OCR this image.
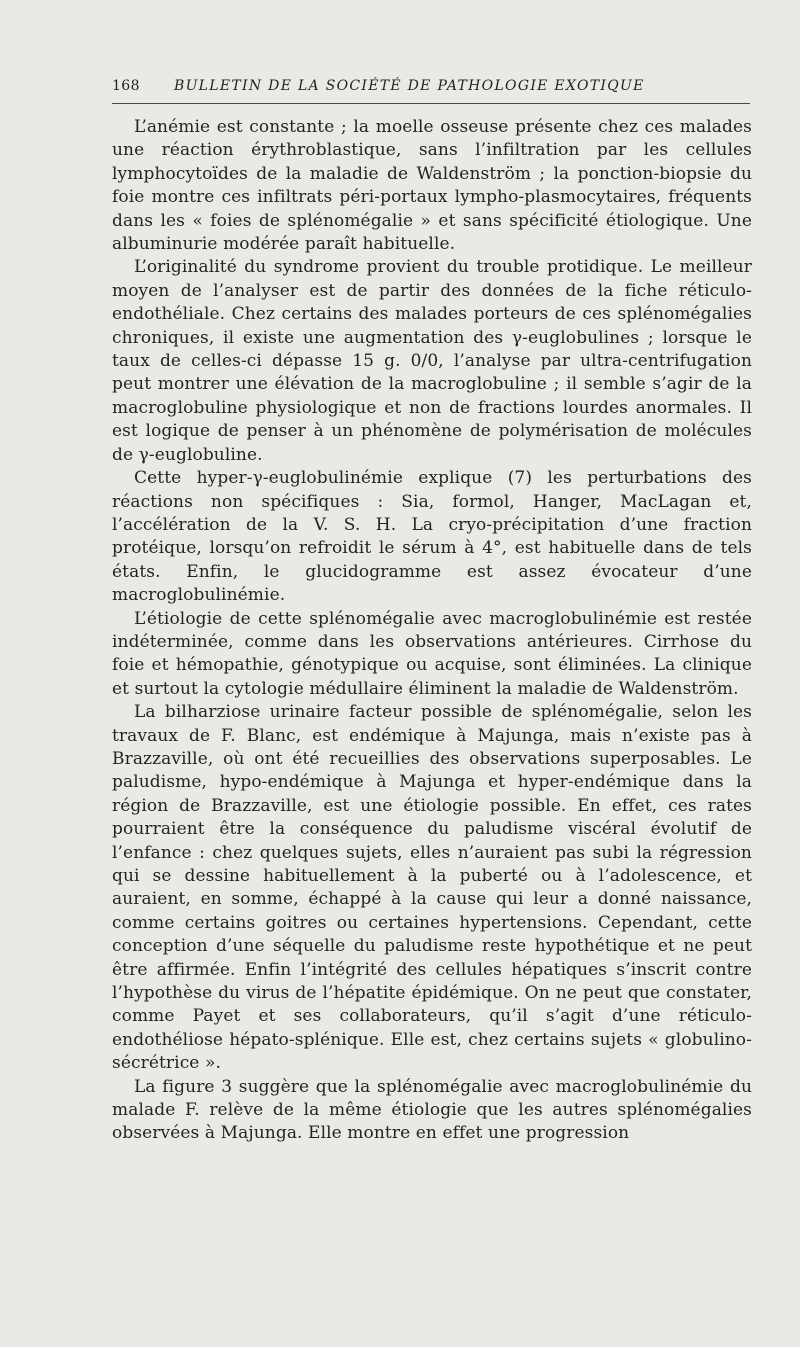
168 BULLETIN DE LA SOCIÉTÉ DE PATHOLOGIE EXOTIQUE

L’anémie est constante ; la moelle osseuse présente chez ces malades une réaction érythroblastique, sans l’infiltration par les cellules lymphocytoïdes de la maladie de Waldenström ; la ponction-biopsie du foie montre ces infiltrats péri-portaux lympho-plasmocytaires, fréquents dans les « foies de splénomégalie » et sans spécificité étiologique. Une albuminurie modérée paraît habituelle.

L’originalité du syndrome provient du trouble protidique. Le meilleur moyen de l’analyser est de partir des données de la fiche réticulo-endothéliale. Chez certains des malades porteurs de ces splénomégalies chroniques, il existe une augmentation des γ-euglobulines ; lorsque le taux de celles-ci dépasse 15 g. 0/0, l’analyse par ultra-centrifugation peut montrer une élévation de la macroglobuline ; il semble s’agir de la macroglobuline physiologique et non de fractions lourdes anormales. Il est logique de penser à un phénomène de polymérisation de molécules de γ-euglobuline.

Cette hyper-γ-euglobulinémie explique (7) les perturbations des réactions non spécifiques : Sia, formol, Hanger, MacLagan et, l’accélération de la V. S. H. La cryo-précipitation d’une fraction protéique, lorsqu’on refroidit le sérum à 4°, est habituelle dans de tels états. Enfin, le glucidogramme est assez évocateur d’une macroglobulinémie.

L’étiologie de cette splénomégalie avec macroglobulinémie est restée indéterminée, comme dans les observations antérieures. Cirrhose du foie et hémopathie, génotypique ou acquise, sont éliminées. La clinique et surtout la cytologie médullaire éliminent la maladie de Waldenström.

La bilharziose urinaire facteur possible de splénomégalie, selon les travaux de F. Blanc, est endémique à Majunga, mais n’existe pas à Brazzaville, où ont été recueillies des observations superposables. Le paludisme, hypo-endémique à Majunga et hyper-endémique dans la région de Brazzaville, est une étiologie possible. En effet, ces rates pourraient être la conséquence du paludisme viscéral évolutif de l’enfance : chez quelques sujets, elles n’auraient pas subi la régression qui se dessine habituellement à la puberté ou à l’adolescence, et auraient, en somme, échappé à la cause qui leur a donné naissance, comme certains goitres ou certaines hypertensions. Cependant, cette conception d’une séquelle du paludisme reste hypothétique et ne peut être affirmée. Enfin l’intégrité des cellules hépatiques s’inscrit contre l’hypothèse du virus de l’hépatite épidémique. On ne peut que constater, comme Payet et ses collaborateurs, qu’il s’agit d’une réticulo-endothéliose hépato-splénique. Elle est, chez certains sujets « globulino-sécrétrice ».

La figure 3 suggère que la splénomégalie avec macroglobulinémie du malade F. relève de la même étiologie que les autres splénomégalies observées à Majunga. Elle montre en effet une progression
